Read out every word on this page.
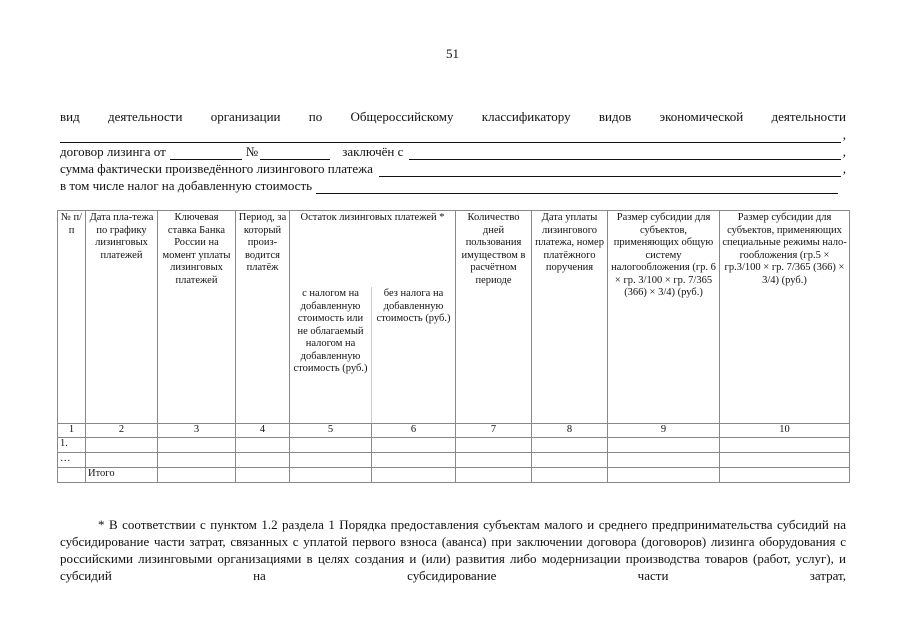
51
вид деятельности организации по Общероссийскому классификатору видов экономической деятельности
,
договор лизинга от	№	заключён с	,
сумма фактически произведённого лизингового платежа	,
в том числе налог на добавленную стоимость
№ п/п	Дата пла-тежа по графику лизинговых платежей	Ключевая ставка Банка России на момент уплаты лизинговых платежей	Период, за который произ-водится платёж	Остаток лизинговых платежей *		Количество дней пользования имуществом в расчётном периоде	Дата уплаты лизингового платежа, номер платёжного поручения	Размер субсидии для субъектов, применяющих общую систему налогообложения (гр. 6 × гр. 3/100 × гр. 7/365 (366) × 3/4) (руб.)	Размер субсидии для субъектов, применяющих специальные режимы нало-гообложения (гр.5 × гр.3/100 × гр. 7/365 (366) × 3/4) (руб.)
				с налогом на добавленную стоимость или не облагаемый налогом на добавленную стоимость (руб.)	без налога на добавленную стоимость (руб.)				
1	2	3	4	5	6	7	8	9	10
1.									
…									
	Итого								

* В соответствии с пунктом 1.2 раздела 1 Порядка предоставления субъектам малого и среднего предпринимательства субсидий на субсидирование части затрат, связанных с уплатой первого взноса (аванса) при заключении договора (договоров) лизинга оборудования с российскими лизинговыми организациями в целях создания и (или) развития либо модернизации производства товаров (работ, услуг), и субсидий на субсидирование части затрат,
